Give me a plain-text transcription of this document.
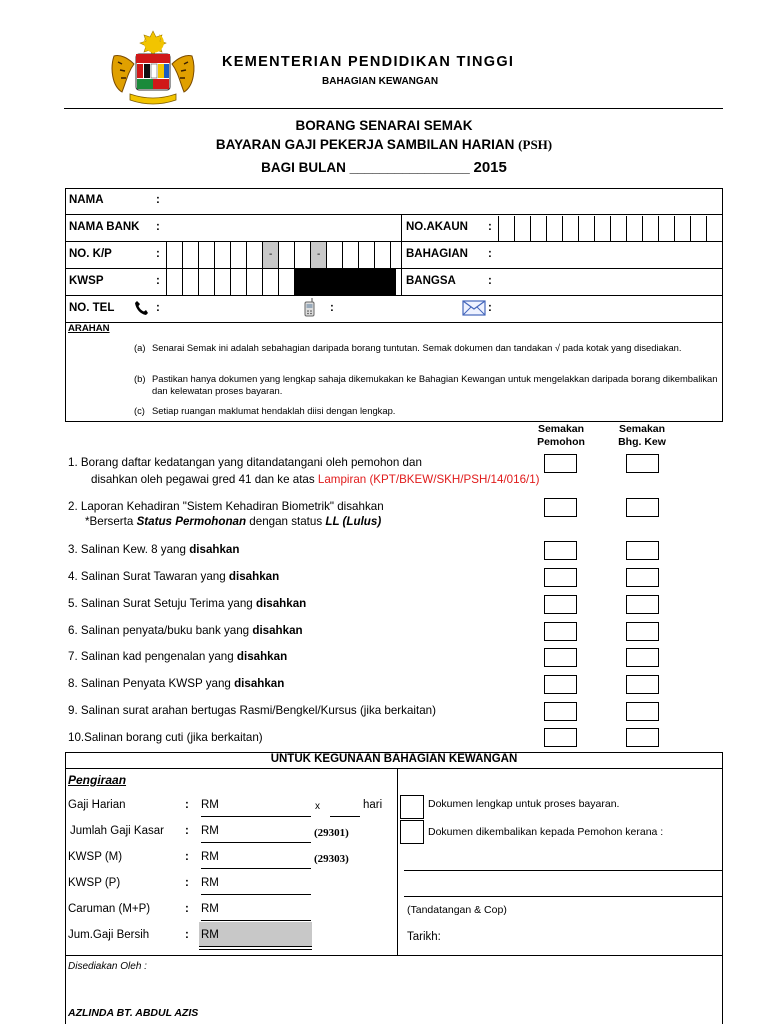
KEMENTERIAN PENDIDIKAN TINGGI
BAHAGIAN KEWANGAN
BORANG SENARAI SEMAK
BAYARAN GAJI PEKERJA SAMBILAN HARIAN (PSH)
BAGI BULAN ________________ 2015
NAMA	:
NAMA BANK :	NO.AKAUN :
NO. K/P	:	-	-	BAHAGIAN :
KWSP	:	BANGSA	:
NO. TEL	:	:	:
ARAHAN
(a) Senarai Semak ini adalah sebahagian daripada borang tuntutan. Semak dokumen dan tandakan √ pada kotak yang disediakan.
(b) Pastikan hanya dokumen yang lengkap sahaja dikemukakan ke Bahagian Kewangan untuk mengelakkan daripada borang dikembalikan dan kelewatan proses bayaran.
(c) Setiap ruangan maklumat hendaklah diisi dengan lengkap.
Semakan
Pemohon
Semakan
Bhg. Kew
1. Borang daftar kedatangan yang ditandatangani oleh pemohon dan
disahkan oleh pegawai gred 41 dan ke atas Lampiran (KPT/BKEW/SKH/PSH/14/016/1)
2. Laporan Kehadiran "Sistem Kehadiran Biometrik" disahkan
*Berserta Status Permohonan dengan status LL (Lulus)
3. Salinan Kew. 8 yang disahkan
4. Salinan Surat Tawaran yang disahkan
5. Salinan Surat Setuju Terima yang disahkan
6. Salinan penyata/buku bank yang disahkan
7. Salinan kad pengenalan yang disahkan
8. Salinan Penyata KWSP yang disahkan
9. Salinan surat arahan bertugas Rasmi/Bengkel/Kursus (jika berkaitan)
10.Salinan borang cuti (jika berkaitan)
UNTUK KEGUNAAN BAHAGIAN KEWANGAN
Pengiraan
Gaji Harian	: RM	x	hari
Jumlah Gaji Kasar : RM	(29301)
KWSP (M)	: RM	(29303)
KWSP (P)	: RM
Caruman (M+P)	: RM
Jum.Gaji Bersih	: RM
Dokumen lengkap untuk proses bayaran.
Dokumen dikembalikan kepada Pemohon kerana :
(Tandatangan & Cop)
Tarikh:
Disediakan Oleh :
AZLINDA BT. ABDUL AZIS
